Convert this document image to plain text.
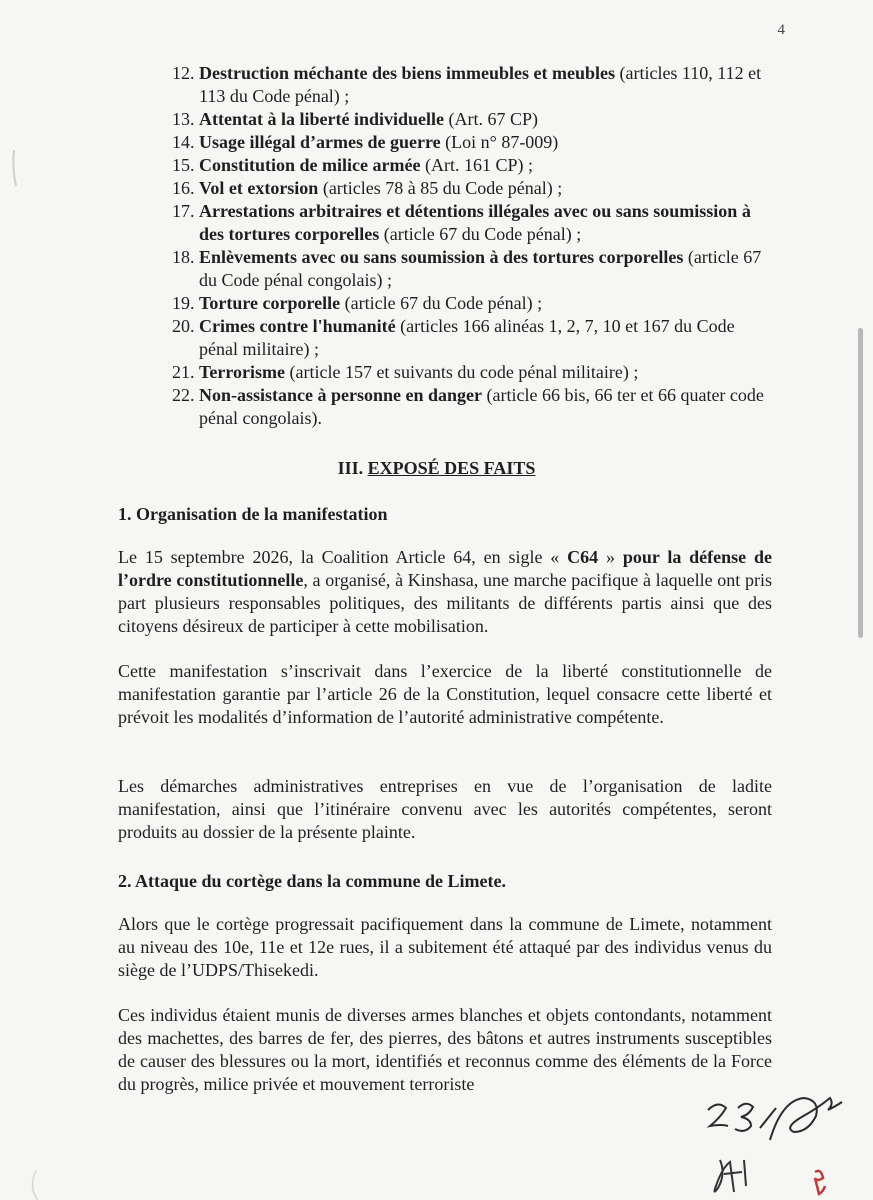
4
12. Destruction méchante des biens immeubles et meubles (articles 110, 112 et 113 du Code pénal) ;
13. Attentat à la liberté individuelle (Art. 67 CP)
14. Usage illégal d’armes de guerre (Loi n° 87-009)
15. Constitution de milice armée (Art. 161 CP) ;
16. Vol et extorsion (articles 78 à 85 du Code pénal) ;
17. Arrestations arbitraires et détentions illégales avec ou sans soumission à des tortures corporelles (article 67 du Code pénal) ;
18. Enlèvements avec ou sans soumission à des tortures corporelles (article 67 du Code pénal congolais) ;
19. Torture corporelle (article 67 du Code pénal) ;
20. Crimes contre l'humanité (articles 166 alinéas 1, 2, 7, 10 et 167 du Code pénal militaire) ;
21. Terrorisme (article 157 et suivants du code pénal militaire) ;
22. Non-assistance à personne en danger (article 66 bis, 66 ter et 66 quater code pénal congolais).
III. EXPOSÉ DES FAITS
1. Organisation de la manifestation

Le 15 septembre 2026, la Coalition Article 64, en sigle « C64 » pour la défense de l’ordre constitutionnelle, a organisé, à Kinshasa, une marche pacifique à laquelle ont pris part plusieurs responsables politiques, des militants de différents partis ainsi que des citoyens désireux de participer à cette mobilisation.

Cette manifestation s’inscrivait dans l’exercice de la liberté constitutionnelle de manifestation garantie par l’article 26 de la Constitution, lequel consacre cette liberté et prévoit les modalités d’information de l’autorité administrative compétente.

Les démarches administratives entreprises en vue de l’organisation de ladite manifestation, ainsi que l’itinéraire convenu avec les autorités compétentes, seront produits au dossier de la présente plainte.

2. Attaque du cortège dans la commune de Limete.

Alors que le cortège progressait pacifiquement dans la commune de Limete, notamment au niveau des 10e, 11e et 12e rues, il a subitement été attaqué par des individus venus du siège de l’UDPS/Thisekedi.

Ces individus étaient munis de diverses armes blanches et objets contondants, notamment des machettes, des barres de fer, des pierres, des bâtons et autres instruments susceptibles de causer des blessures ou la mort, identifiés et reconnus comme des éléments de la Force du progrès, milice privée et mouvement terroriste
